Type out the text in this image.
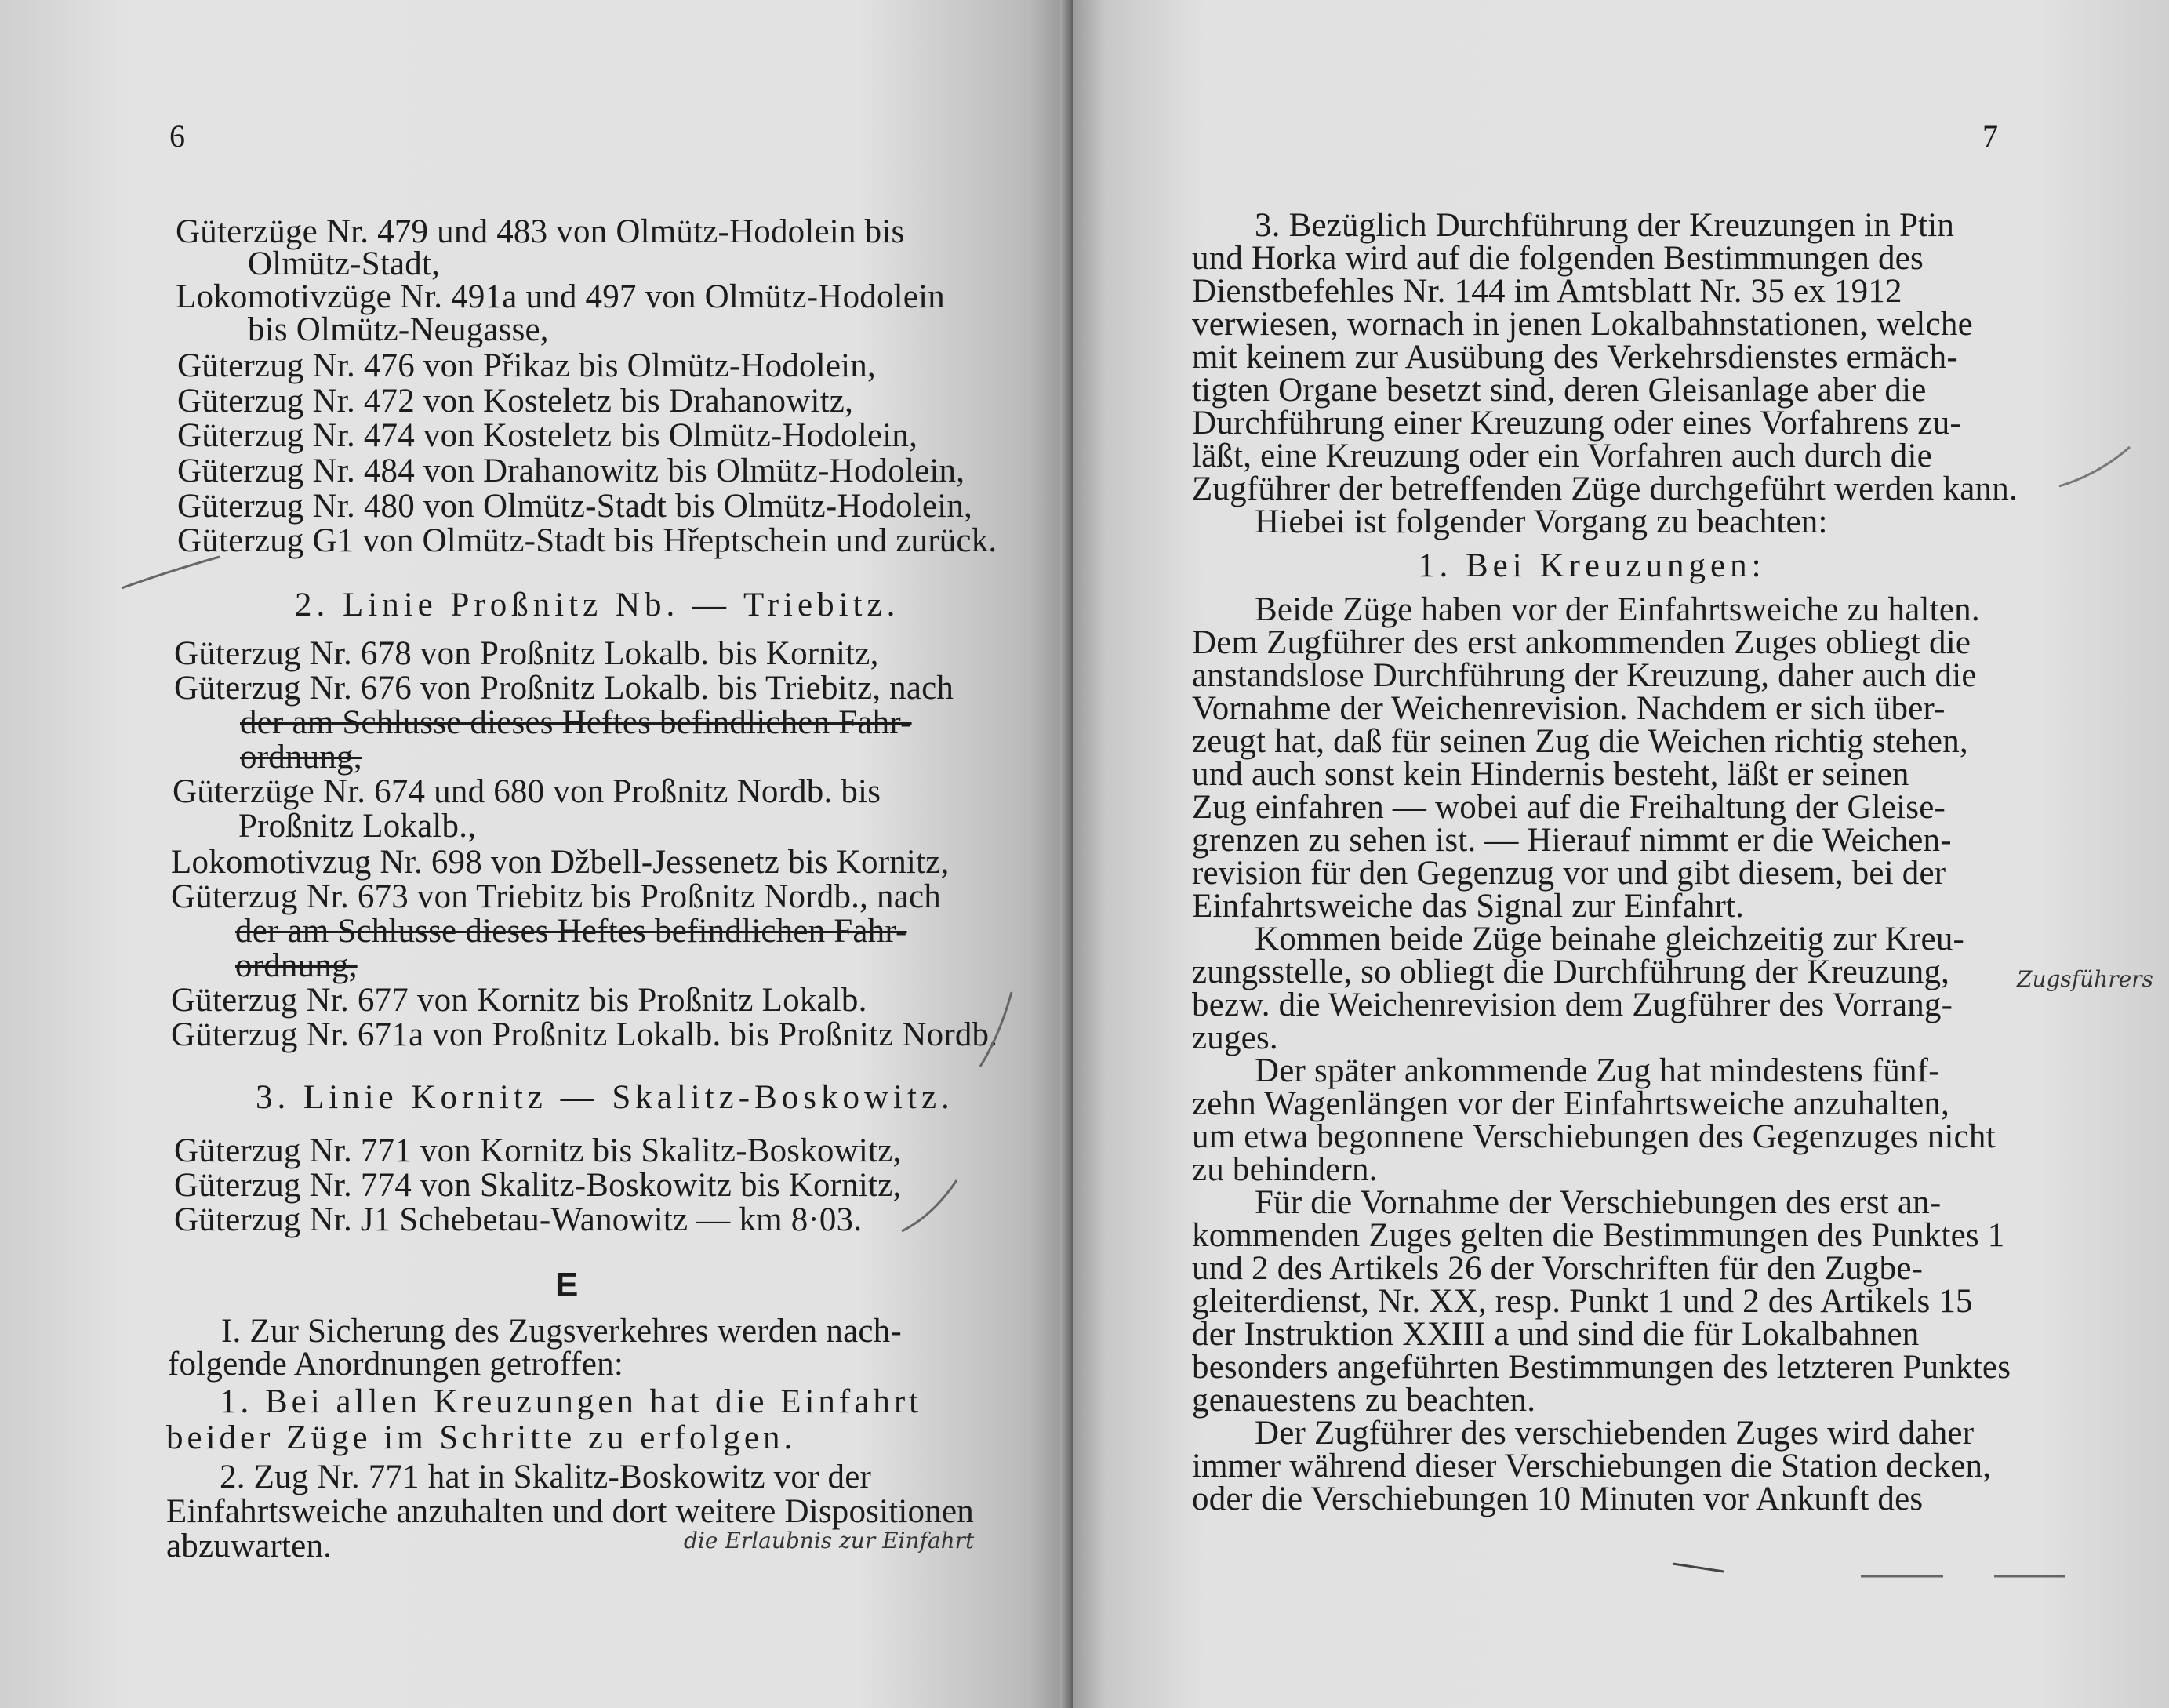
6
Güterzüge Nr. 479 und 483 von Olmütz-Hodolein bis
Olmütz-Stadt,
Lokomotivzüge Nr. 491a und 497 von Olmütz-Hodolein
bis Olmütz-Neugasse,
Güterzug Nr. 476 von Přikaz bis Olmütz-Hodolein,
Güterzug Nr. 472 von Kosteletz bis Drahanowitz,
Güterzug Nr. 474 von Kosteletz bis Olmütz-Hodolein,
Güterzug Nr. 484 von Drahanowitz bis Olmütz-Hodolein,
Güterzug Nr. 480 von Olmütz-Stadt bis Olmütz-Hodolein,
Güterzug G1 von Olmütz-Stadt bis Hřeptschein und zurück.
2. Linie Proßnitz Nb. — Triebitz.
Güterzug Nr. 678 von Proßnitz Lokalb. bis Kornitz,
Güterzug Nr. 676 von Proßnitz Lokalb. bis Triebitz, nach
der am Schlusse dieses Heftes befindlichen Fahr-
ordnung,
Güterzüge Nr. 674 und 680 von Proßnitz Nordb. bis
Proßnitz Lokalb.,
Lokomotivzug Nr. 698 von Džbell-Jessenetz bis Kornitz,
Güterzug Nr. 673 von Triebitz bis Proßnitz Nordb., nach
der am Schlusse dieses Heftes befindlichen Fahr-
ordnung,
Güterzug Nr. 677 von Kornitz bis Proßnitz Lokalb.
Güterzug Nr. 671a von Proßnitz Lokalb. bis Proßnitz Nordb.
3. Linie Kornitz — Skalitz-Boskowitz.
Güterzug Nr. 771 von Kornitz bis Skalitz-Boskowitz,
Güterzug Nr. 774 von Skalitz-Boskowitz bis Kornitz,
Güterzug Nr. J1 Schebetau-Wanowitz — km 8·03.
E
I. Zur Sicherung des Zugsverkehres werden nach-
folgende Anordnungen getroffen:
1. Bei allen Kreuzungen hat die Einfahrt
beider Züge im Schritte zu erfolgen.
2. Zug Nr. 771 hat in Skalitz-Boskowitz vor der
Einfahrtsweiche anzuhalten und dort weitere Dispositionen
abzuwarten.	die Erlaubnis zur Einfahrt
7
3. Bezüglich Durchführung der Kreuzungen in Ptin
und Horka wird auf die folgenden Bestimmungen des
Dienstbefehles Nr. 144 im Amtsblatt Nr. 35 ex 1912
verwiesen, wornach in jenen Lokalbahnstationen, welche
mit keinem zur Ausübung des Verkehrsdienstes ermäch-
tigten Organe besetzt sind, deren Gleisanlage aber die
Durchführung einer Kreuzung oder eines Vorfahrens zu-
läßt, eine Kreuzung oder ein Vorfahren auch durch die
Zugführer der betreffenden Züge durchgeführt werden kann.
Hiebei ist folgender Vorgang zu beachten:
1. Bei Kreuzungen:
Beide Züge haben vor der Einfahrtsweiche zu halten.
Dem Zugführer des erst ankommenden Zuges obliegt die
anstandslose Durchführung der Kreuzung, daher auch die
Vornahme der Weichenrevision. Nachdem er sich über-
zeugt hat, daß für seinen Zug die Weichen richtig stehen,
und auch sonst kein Hindernis besteht, läßt er seinen
Zug einfahren — wobei auf die Freihaltung der Gleise-
grenzen zu sehen ist. — Hierauf nimmt er die Weichen-
revision für den Gegenzug vor und gibt diesem, bei der
Einfahrtsweiche das Signal zur Einfahrt.
Kommen beide Züge beinahe gleichzeitig zur Kreu-
zungsstelle, so obliegt die Durchführung der Kreuzung,
bezw. die Weichenrevision dem Zugführer des Vorrang-
zuges.
Der später ankommende Zug hat mindestens fünf-
zehn Wagenlängen vor der Einfahrtsweiche anzuhalten,
um etwa begonnene Verschiebungen des Gegenzuges nicht
zu behindern.
Für die Vornahme der Verschiebungen des erst an-
kommenden Zuges gelten die Bestimmungen des Punktes 1
und 2 des Artikels 26 der Vorschriften für den Zugbe-
gleiterdienst, Nr. XX, resp. Punkt 1 und 2 des Artikels 15
der Instruktion XXIII a und sind die für Lokalbahnen
besonders angeführten Bestimmungen des letzteren Punktes
genauestens zu beachten.
Der Zugführer des verschiebenden Zuges wird daher
immer während dieser Verschiebungen die Station decken,
oder die Verschiebungen 10 Minuten vor Ankunft des
Zugsführers
